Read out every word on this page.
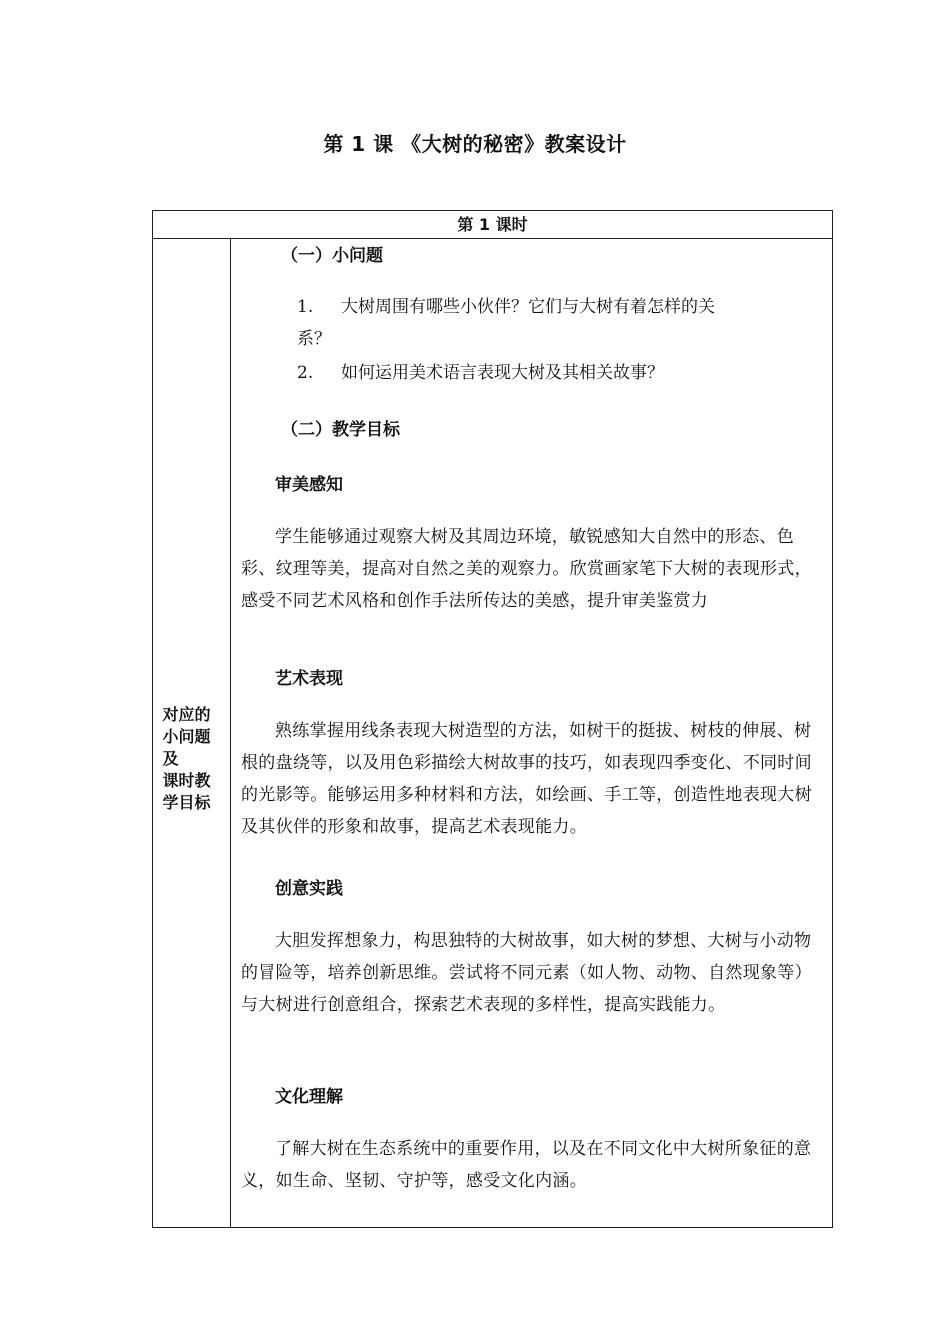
第 1 课 《大树的秘密》教案设计
第 1 课时
对应的
小问题
及
课时教
学目标
（一）小问题
1. 大树周围有哪些小伙伴？它们与大树有着怎样的关
系？
2. 如何运用美术语言表现大树及其相关故事？
（二）教学目标
审美感知
学生能够通过观察大树及其周边环境，敏锐感知大自然中的形态、色彩、纹理等美，提高对自然之美的观察力。欣赏画家笔下大树的表现形式，感受不同艺术风格和创作手法所传达的美感，提升审美鉴赏力
艺术表现
熟练掌握用线条表现大树造型的方法，如树干的挺拔、树枝的伸展、树根的盘绕等，以及用色彩描绘大树故事的技巧，如表现四季变化、不同时间的光影等。能够运用多种材料和方法，如绘画、手工等，创造性地表现大树及其伙伴的形象和故事，提高艺术表现能力。
创意实践
大胆发挥想象力，构思独特的大树故事，如大树的梦想、大树与小动物的冒险等，培养创新思维。尝试将不同元素（如人物、动物、自然现象等）与大树进行创意组合，探索艺术表现的多样性，提高实践能力。
文化理解
了解大树在生态系统中的重要作用，以及在不同文化中大树所象征的意义，如生命、坚韧、守护等，感受文化内涵。
